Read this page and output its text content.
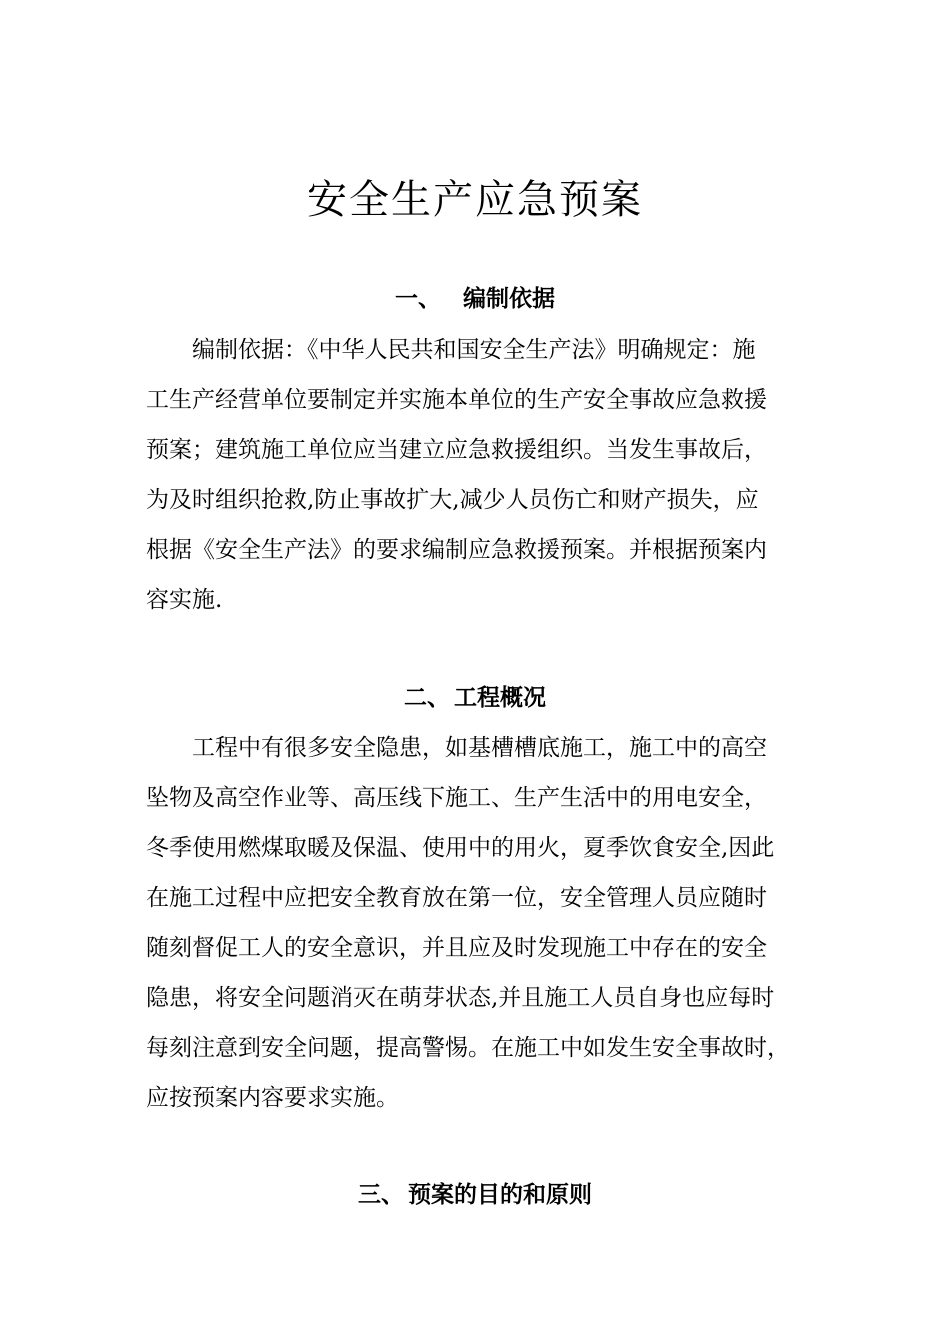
安全生产应急预案
一、 编制依据
编制依据：《中华人民共和国安全生产法》明确规定：施
工生产经营单位要制定并实施本单位的生产安全事故应急救援
预案；建筑施工单位应当建立应急救援组织。当发生事故后，
为及时组织抢救,防止事故扩大,减少人员伤亡和财产损失，应
根据《安全生产法》的要求编制应急救援预案。并根据预案内
容实施.
二、 工程概况
工程中有很多安全隐患，如基槽槽底施工，施工中的高空
坠物及高空作业等、高压线下施工、生产生活中的用电安全，
冬季使用燃煤取暖及保温、使用中的用火，夏季饮食安全,因此
在施工过程中应把安全教育放在第一位，安全管理人员应随时
随刻督促工人的安全意识，并且应及时发现施工中存在的安全
隐患，将安全问题消灭在萌芽状态,并且施工人员自身也应每时
每刻注意到安全问题，提高警惕。在施工中如发生安全事故时，
应按预案内容要求实施。
三、 预案的目的和原则
